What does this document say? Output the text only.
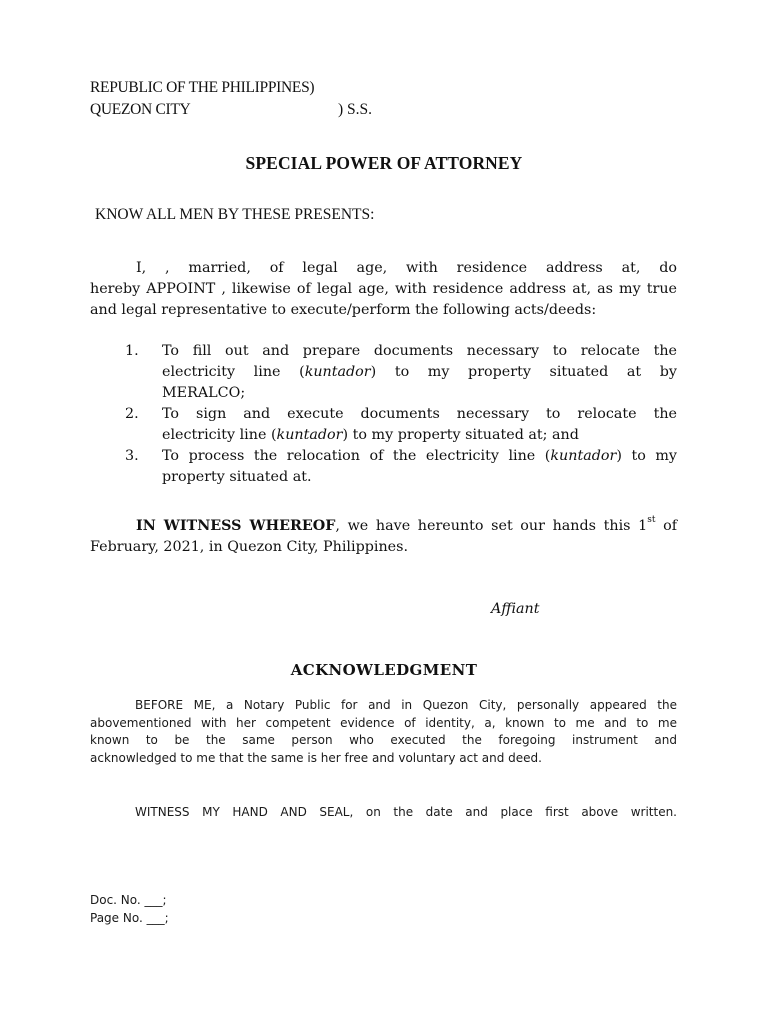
REPUBLIC OF THE PHILIPPINES)
QUEZON CITY	) S.S.
SPECIAL POWER OF ATTORNEY
KNOW ALL MEN BY THESE PRESENTS:
I, , married, of legal age, with residence address at, do
hereby APPOINT , likewise of legal age, with residence address at, as my true
and legal representative to execute/perform the following acts/deeds:
1. To fill out and prepare documents necessary to relocate the
electricity line (kuntador) to my property situated at by
MERALCO;
2. To sign and execute documents necessary to relocate the
electricity line (kuntador) to my property situated at; and
3. To process the relocation of the electricity line (kuntador) to my
property situated at.
IN WITNESS WHEREOF, we have hereunto set our hands this 1st of
February, 2021, in Quezon City, Philippines.
Affiant
ACKNOWLEDGMENT
BEFORE ME, a Notary Public for and in Quezon City, personally appeared the
abovementioned with her competent evidence of identity, a, known to me and to me
known to be the same person who executed the foregoing instrument and
acknowledged to me that the same is her free and voluntary act and deed.
WITNESS MY HAND AND SEAL, on the date and place first above written.
Doc. No. ___;
Page No. ___;
